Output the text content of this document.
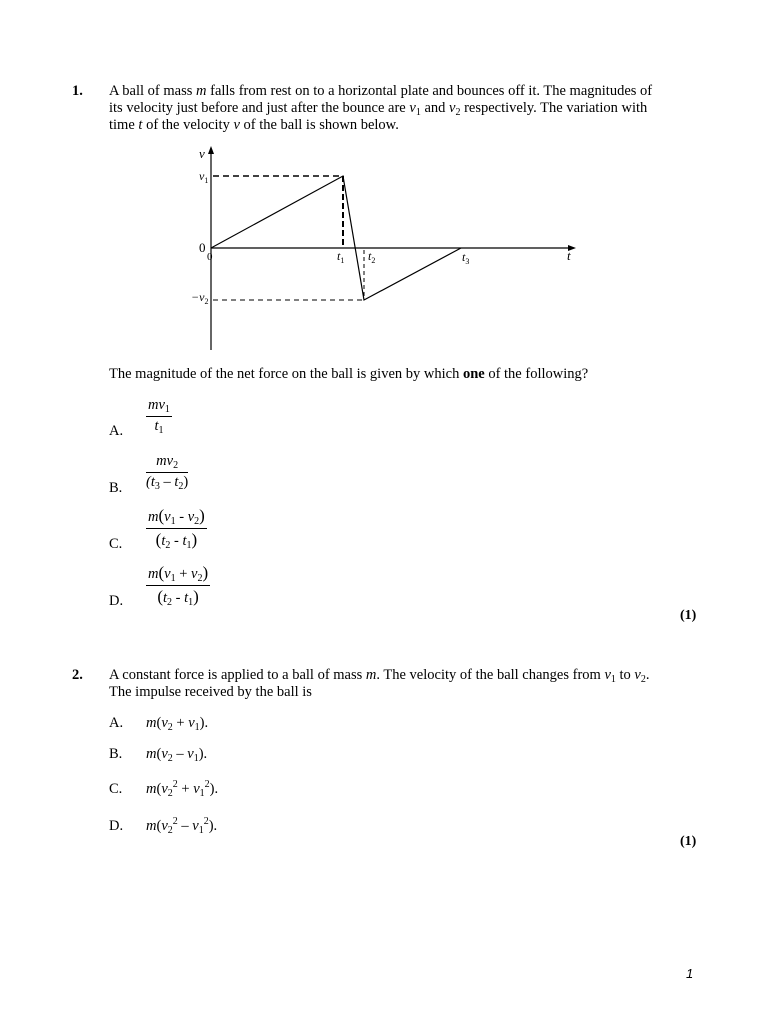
1. A ball of mass m falls from rest on to a horizontal plate and bounces off it. The magnitudes of its velocity just before and just after the bounce are $v_1$ and $v_2$ respectively. The variation with time t of the velocity v of the ball is shown below.
v
$v_1$
0
0
$-v_2$
$t_1$ $t_2$	$t_3$	t
The magnitude of the net force on the ball is given by which one of the following?
A. $\frac{mv_1}{t_1}$
B. $\frac{mv_2}{(t_3 - t_2)}$
C. $\frac{m(v_1 - v_2)}{(t_2 - t_1)}$
D. $\frac{m(v_1 + v_2)}{(t_2 - t_1)}$
(1)
2. A constant force is applied to a ball of mass m. The velocity of the ball changes from $v_1$ to $v_2$.
The impulse received by the ball is
A. $m(v_2 + v_1)$.
B. $m(v_2 - v_1)$.
C. $m(v_2^2 + v_1^2)$.
D. $m(v_2^2 - v_1^2)$.
(1)
1
